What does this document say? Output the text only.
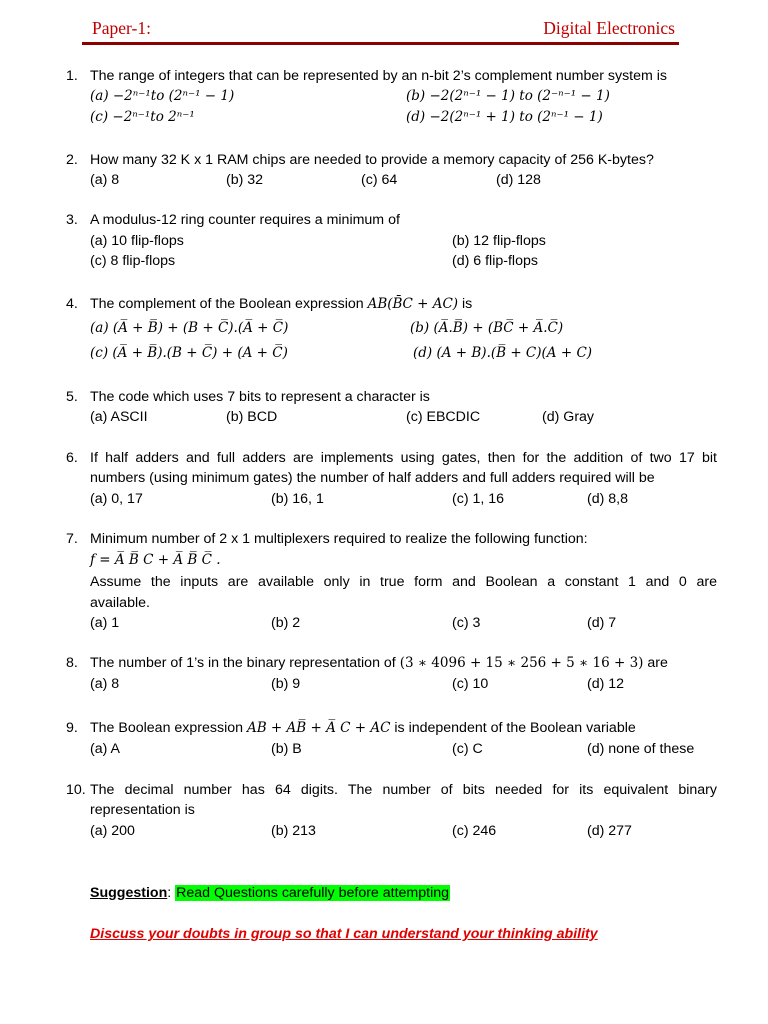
Paper-1:	Digital Electronics
1. The range of integers that can be represented by an n-bit 2’s complement number system is
(a) −2ⁿ⁻¹to (2ⁿ⁻¹ − 1)	(b) −2(2ⁿ⁻¹ − 1) to (2⁻ⁿ⁻¹ − 1)
(c) −2ⁿ⁻¹to 2ⁿ⁻¹	(d) −2(2ⁿ⁻¹ + 1) to (2ⁿ⁻¹ − 1)
2. How many 32 K x 1 RAM chips are needed to provide a memory capacity of 256 K-bytes?
(a) 8	(b) 32	(c) 64	(d) 128
3. A modulus-12 ring counter requires a minimum of
(a) 10 flip-flops	(b) 12 flip-flops
(c) 8 flip-flops	(d) 6 flip-flops
4. The complement of the Boolean expression AB(B̄C + AC) is
(a) (A̅ + B̅) + (B + C̅).(A̅ + C̅)	(b) (A̅.B̅) + (BC̅ + A̅.C̅)
(c) (A̅ + B̅).(B + C̅) + (A + C̅)	(d) (A + B).(B̅ + C)(A + C)
5. The code which uses 7 bits to represent a character is
(a) ASCII	(b) BCD	(c) EBCDIC	(d) Gray
6. If half adders and full adders are implements using gates, then for the addition of two 17 bit
numbers (using minimum gates) the number of half adders and full adders required will be
(a) 0, 17	(b) 16, 1	(c) 1, 16	(d) 8,8
7. Minimum number of 2 x 1 multiplexers required to realize the following function:
f = A̅ B̅ C + A̅ B̅ C̅ .
Assume the inputs are available only in true form and Boolean a constant 1 and 0 are
available.
(a) 1	(b) 2	(c) 3	(d) 7
8. The number of 1’s in the binary representation of (3 ∗ 4096 + 15 ∗ 256 + 5 ∗ 16 + 3) are
(a) 8	(b) 9	(c) 10	(d) 12
9. The Boolean expression AB + AB̅ + A̅ C + AC is independent of the Boolean variable
(a) A	(b) B	(c) C	(d) none of these
10. The decimal number has 64 digits. The number of bits needed for its equivalent binary
representation is
(a) 200	(b) 213	(c) 246	(d) 277
Suggestion: Read Questions carefully before attempting
Discuss your doubts in group so that I can understand your thinking ability
